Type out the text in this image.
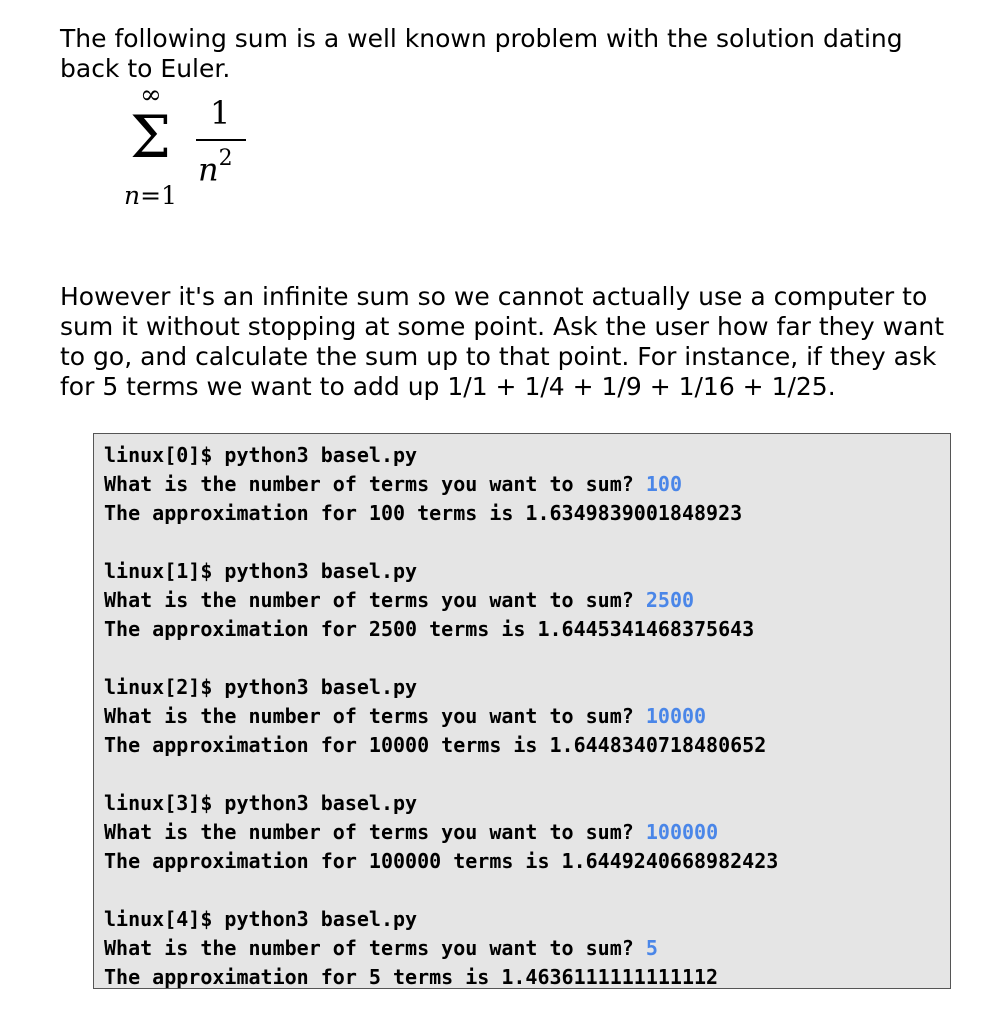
The following sum is a well known problem with the solution dating back to Euler.
∞
Σ
n=1
1
$n^2$
However it's an infinite sum so we cannot actually use a computer to sum it without stopping at some point. Ask the user how far they want to go, and calculate the sum up to that point. For instance, if they ask for 5 terms we want to add up 1/1 + 1/4 + 1/9 + 1/16 + 1/25.
linux[0]$ python3 basel.py
What is the number of terms you want to sum? 100
The approximation for 100 terms is 1.6349839001848923
linux[1]$ python3 basel.py
What is the number of terms you want to sum? 2500
The approximation for 2500 terms is 1.6445341468375643
linux[2]$ python3 basel.py
What is the number of terms you want to sum? 10000
The approximation for 10000 terms is 1.6448340718480652
linux[3]$ python3 basel.py
What is the number of terms you want to sum? 100000
The approximation for 100000 terms is 1.6449240668982423
linux[4]$ python3 basel.py
What is the number of terms you want to sum? 5
The approximation for 5 terms is 1.4636111111111112
